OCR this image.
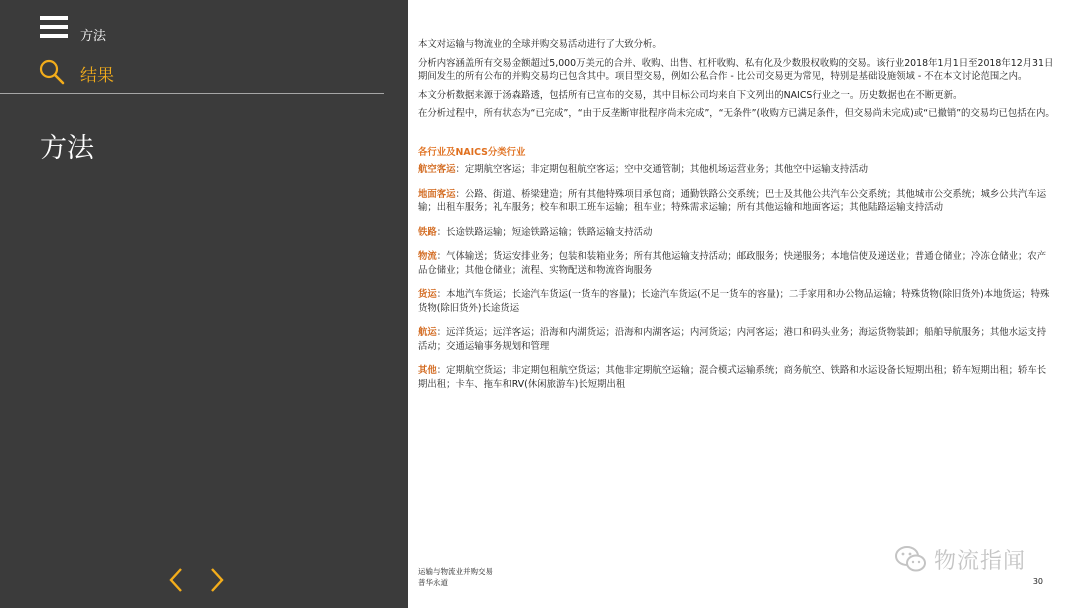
方法
结果
方法

本文对运输与物流业的全球并购交易活动进行了大致分析。

分析内容涵盖所有交易金额超过5,000万美元的合并、收购、出售、杠杆收购、私有化及少数股权收购的交易。该行业2018年1月1日至2018年12月31日期间发生的所有公布的并购交易均已包含其中。项目型交易，例如公私合作 - 比公司交易更为常见，特别是基础设施领域 - 不在本文讨论范围之内。

本文分析数据来源于汤森路透，包括所有已宣布的交易，其中目标公司均来自下文列出的NAICS行业之一。历史数据也在不断更新。

在分析过程中，所有状态为“已完成”，“由于反垄断审批程序尚未完成”，“无条件”(收购方已满足条件，但交易尚未完成)或“已撤销”的交易均已包括在内。

各行业及NAICS分类行业

航空客运：定期航空客运；非定期包租航空客运；空中交通管制；其他机场运营业务；其他空中运输支持活动

地面客运：公路、街道、桥梁建造；所有其他特殊项目承包商；通勤铁路公交系统；巴士及其他公共汽车公交系统；其他城市公交系统；城乡公共汽车运输；出租车服务；礼车服务；校车和职工班车运输；租车业；特殊需求运输；所有其他运输和地面客运；其他陆路运输支持活动

铁路：长途铁路运输；短途铁路运输；铁路运输支持活动

物流：气体输送；货运安排业务；包装和装箱业务；所有其他运输支持活动；邮政服务；快递服务；本地信使及递送业；普通仓储业；冷冻仓储业；农产品仓储业；其他仓储业；流程、实物配送和物流咨询服务

货运：本地汽车货运；长途汽车货运(一货车的容量)；长途汽车货运(不足一货车的容量)；二手家用和办公物品运输；特殊货物(除旧货外)本地货运；特殊货物(除旧货外)长途货运

航运：远洋货运；远洋客运；沿海和内湖货运；沿海和内湖客运；内河货运；内河客运；港口和码头业务；海运货物装卸；船舶导航服务；其他水运支持活动；交通运输事务规划和管理

其他：定期航空货运；非定期包租航空货运；其他非定期航空运输；混合模式运输系统；商务航空、铁路和水运设备长短期出租；轿车短期出租；轿车长期出租；卡车、拖车和RV(休闲旅游车)长短期出租

运输与物流业并购交易
普华永道	30
物流指闻
